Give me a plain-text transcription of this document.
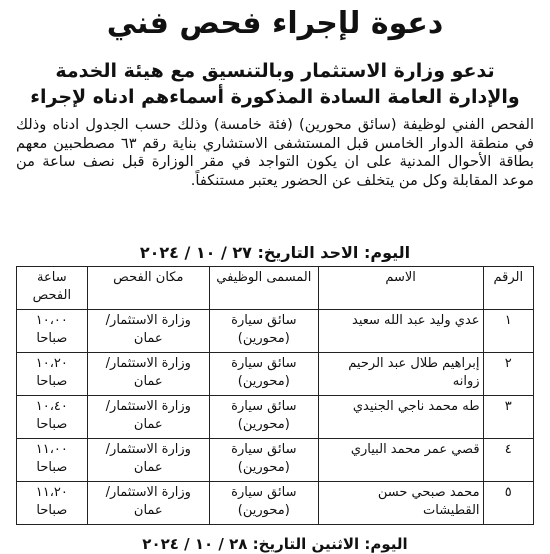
دعوة لإجراء فحص فني
تدعو وزارة الاستثمار وبالتنسيق مع هيئة الخدمة
والإدارة العامة السادة المذكورة أسماءهم ادناه لإجراء
الفحص الفني لوظيفة (سائق محورين) (فئة خامسة) وذلك حسب الجدول ادناه وذلك في منطقة الدوار الخامس قبل المستشفى الاستشاري بناية رقم ٦٣ مصطحبين معهم بطاقة الأحوال المدنية على ان يكون التواجد في مقر الوزارة قبل نصف ساعة من موعد المقابلة وكل من يتخلف عن الحضور يعتبر مستنكفاً.
اليوم: الاحد التاريخ: ٢٧ / ١٠ / ٢٠٢٤
الرقم	الاسم	المسمى الوظيفي	مكان الفحص	ساعة الفحص
١	عدي وليد عبد الله سعيد	سائق سيارة (محورين)	وزارة الاستثمار/ عمان	١٠،٠٠ صباحا
٢	إبراهيم طلال عبد الرحيم زوانه	سائق سيارة (محورين)	وزارة الاستثمار/ عمان	١٠،٢٠ صباحا
٣	طه محمد ناجي الجنيدي	سائق سيارة (محورين)	وزارة الاستثمار/ عمان	١٠،٤٠ صباحا
٤	قصي عمر محمد البياري	سائق سيارة (محورين)	وزارة الاستثمار/ عمان	١١،٠٠ صباحا
٥	محمد صبحي حسن القطيشات	سائق سيارة (محورين)	وزارة الاستثمار/ عمان	١١،٢٠ صباحا
اليوم: الاثنين التاريخ: ٢٨ / ١٠ / ٢٠٢٤
